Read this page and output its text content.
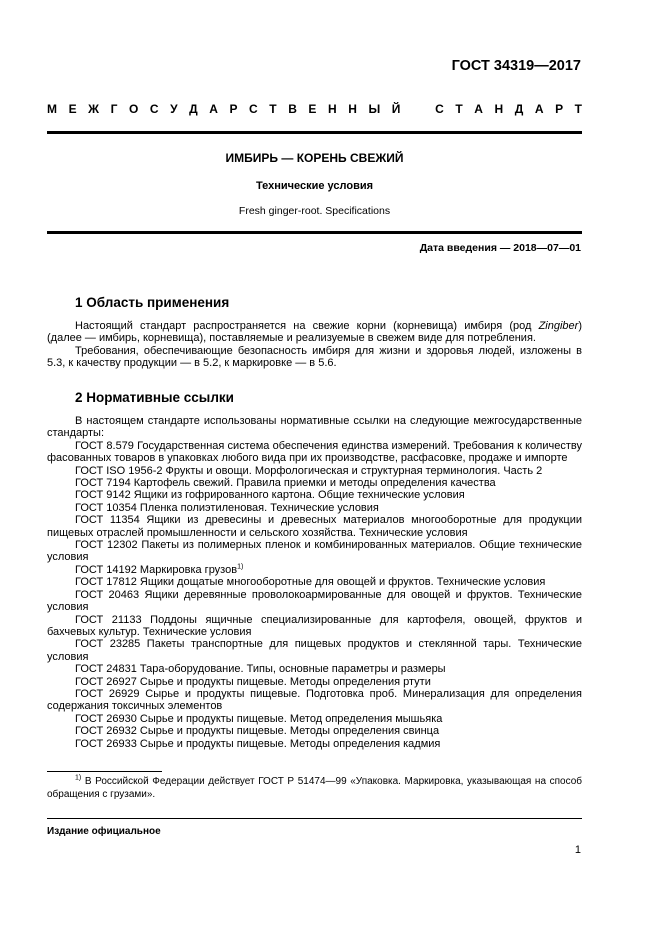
ГОСТ 34319—2017
М Е Ж Г О С У Д А Р С Т В Е Н Н Ы Й	С Т А Н Д А Р Т
ИМБИРЬ — КОРЕНЬ СВЕЖИЙ
Технические условия
Fresh ginger-root. Specifications
Дата введения — 2018—07—01
1 Область применения

Настоящий стандарт распространяется на свежие корни (корневища) имбиря (род Zingiber) (далее — имбирь, корневища), поставляемые и реализуемые в свежем виде для потребления.

Требования, обеспечивающие безопасность имбиря для жизни и здоровья людей, изложены в 5.3, к качеству продукции — в 5.2, к маркировке — в 5.6.

2 Нормативные ссылки

В настоящем стандарте использованы нормативные ссылки на следующие межгосударственные стандарты:

ГОСТ 8.579 Государственная система обеспечения единства измерений. Требования к количеству фасованных товаров в упаковках любого вида при их производстве, расфасовке, продаже и импорте

ГОСТ ISO 1956-2 Фрукты и овощи. Морфологическая и структурная терминология. Часть 2

ГОСТ 7194 Картофель свежий. Правила приемки и методы определения качества

ГОСТ 9142 Ящики из гофрированного картона. Общие технические условия

ГОСТ 10354 Пленка полиэтиленовая. Технические условия

ГОСТ 11354 Ящики из древесины и древесных материалов многооборотные для продукции пищевых отраслей промышленности и сельского хозяйства. Технические условия

ГОСТ 12302 Пакеты из полимерных пленок и комбинированных материалов. Общие технические условия

ГОСТ 14192 Маркировка грузов$^{1)}$

ГОСТ 17812 Ящики дощатые многооборотные для овощей и фруктов. Технические условия

ГОСТ 20463 Ящики деревянные проволокоармированные для овощей и фруктов. Технические условия

ГОСТ 21133 Поддоны ящичные специализированные для картофеля, овощей, фруктов и бахчевых культур. Технические условия

ГОСТ 23285 Пакеты транспортные для пищевых продуктов и стеклянной тары. Технические условия

ГОСТ 24831 Тара-оборудование. Типы, основные параметры и размеры

ГОСТ 26927 Сырье и продукты пищевые. Методы определения ртути

ГОСТ 26929 Сырье и продукты пищевые. Подготовка проб. Минерализация для определения содержания токсичных элементов

ГОСТ 26930 Сырье и продукты пищевые. Метод определения мышьяка

ГОСТ 26932 Сырье и продукты пищевые. Методы определения свинца

ГОСТ 26933 Сырье и продукты пищевые. Методы определения кадмия

$^{1)}$ В Российской Федерации действует ГОСТ Р 51474—99 «Упаковка. Маркировка, указывающая на способ обращения с грузами».
Издание официальное
1
